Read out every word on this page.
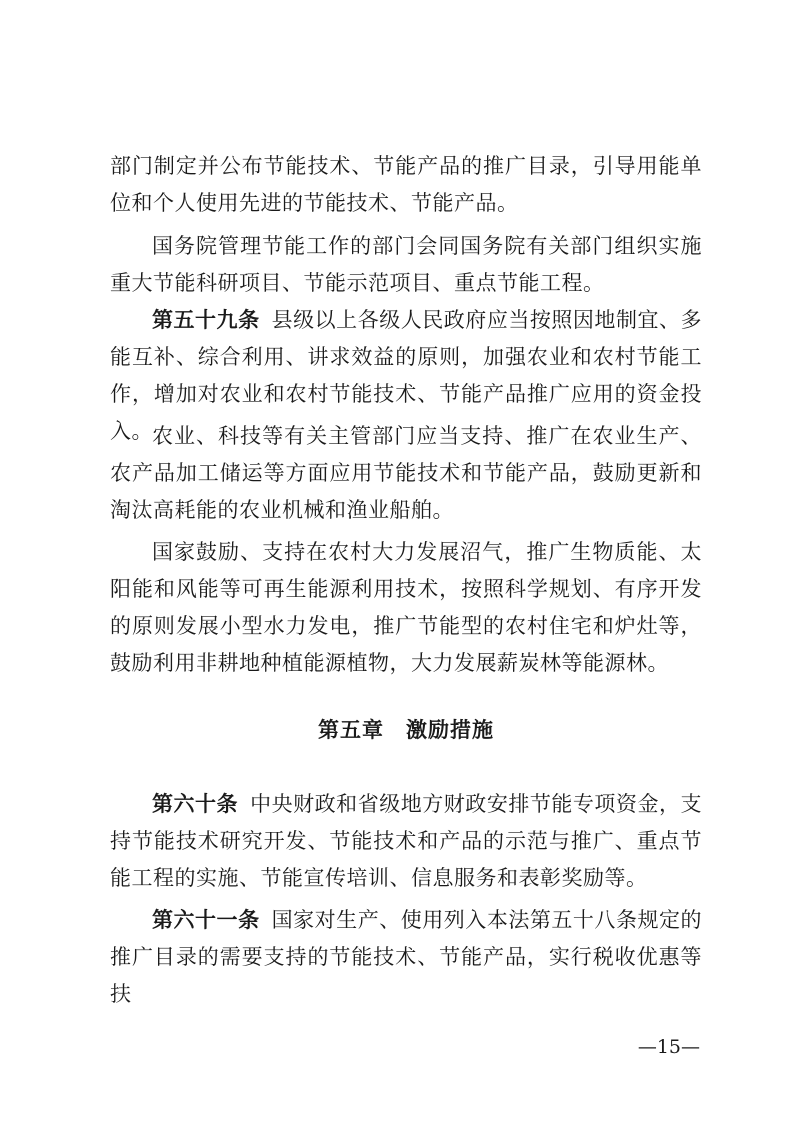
部门制定并公布节能技术、节能产品的推广目录，引导用能单位和个人使用先进的节能技术、节能产品。

国务院管理节能工作的部门会同国务院有关部门组织实施重大节能科研项目、节能示范项目、重点节能工程。

第五十九条 县级以上各级人民政府应当按照因地制宜、多能互补、综合利用、讲求效益的原则，加强农业和农村节能工作，增加对农业和农村节能技术、节能产品推广应用的资金投入。 农业、科技等有关主管部门应当支持、推广在农业生产、农产品加工储运等方面应用节能技术和节能产品，鼓励更新和淘汰高耗能的农业机械和渔业船舶。

国家鼓励、支持在农村大力发展沼气，推广生物质能、太阳能和风能等可再生能源利用技术，按照科学规划、有序开发的原则发展小型水力发电，推广节能型的农村住宅和炉灶等，鼓励利用非耕地种植能源植物，大力发展薪炭林等能源林。

第五章 激励措施

第六十条 中央财政和省级地方财政安排节能专项资金，支持节能技术研究开发、节能技术和产品的示范与推广、重点节能工程的实施、节能宣传培训、信息服务和表彰奖励等。

第六十一条 国家对生产、使用列入本法第五十八条规定的推广目录的需要支持的节能技术、节能产品，实行税收优惠等扶

—15—
